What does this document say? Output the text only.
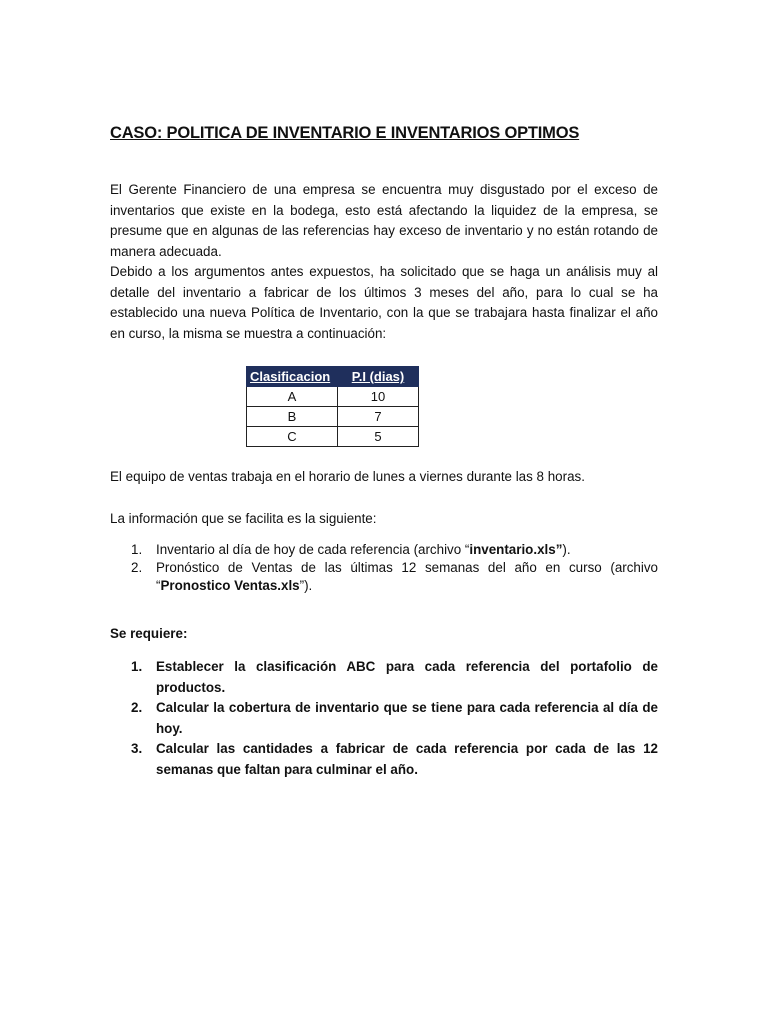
CASO: POLITICA DE INVENTARIO E INVENTARIOS OPTIMOS

El Gerente Financiero de una empresa se encuentra muy disgustado por el exceso de inventarios que existe en la bodega, esto está afectando la liquidez de la empresa, se presume que en algunas de las referencias hay exceso de inventario y no están rotando de manera adecuada.

Debido a los argumentos antes expuestos, ha solicitado que se haga un análisis muy al detalle del inventario a fabricar de los últimos 3 meses del año, para lo cual se ha establecido una nueva Política de Inventario, con la que se trabajara hasta finalizar el año en curso, la misma se muestra a continuación:

Clasificacion	P.I (dias)
A	10
B	7
C	5
El equipo de ventas trabaja en el horario de lunes a viernes durante las 8 horas.
La información que se facilita es la siguiente:
1. Inventario al día de hoy de cada referencia (archivo “inventario.xls”).
2. Pronóstico de Ventas de las últimas 12 semanas del año en curso (archivo “Pronostico Ventas.xls”).
Se requiere:
1. Establecer la clasificación ABC para cada referencia del portafolio de productos.
2. Calcular la cobertura de inventario que se tiene para cada referencia al día de hoy.
3. Calcular las cantidades a fabricar de cada referencia por cada de las 12 semanas que faltan para culminar el año.
